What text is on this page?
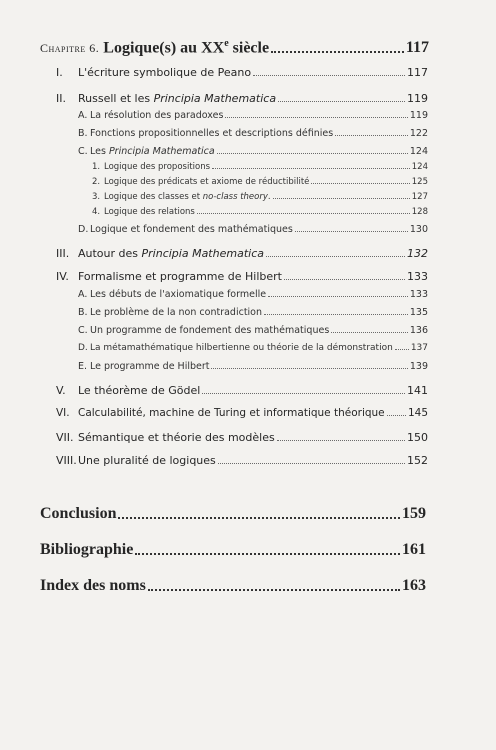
Chapitre 6. Logique(s) au XXe siècle	117
I.	L'écriture symbolique de Peano	117
II.	Russell et les Principia Mathematica	119
A. La résolution des paradoxes	119
B. Fonctions propositionnelles et descriptions définies	122
C. Les Principia Mathematica	124
1. Logique des propositions	124
2. Logique des prédicats et axiome de réductibilité	125
3. Logique des classes et no-class theory.	127
4. Logique des relations	128
D. Logique et fondement des mathématiques	130
III. Autour des Principia Mathematica	132
IV. Formalisme et programme de Hilbert	133
A. Les débuts de l'axiomatique formelle	133
B. Le problème de la non contradiction	135
C. Un programme de fondement des mathématiques	136
D. La métamathématique hilbertienne ou théorie de la démonstration 137
E. Le programme de Hilbert	139
V.	Le théorème de Gödel	141
VI. Calculabilité, machine de Turing et informatique théorique 145
VII. Sémantique et théorie des modèles	150
VIII. Une pluralité de logiques	152
Conclusion	159
Bibliographie	161
Index des noms	163
